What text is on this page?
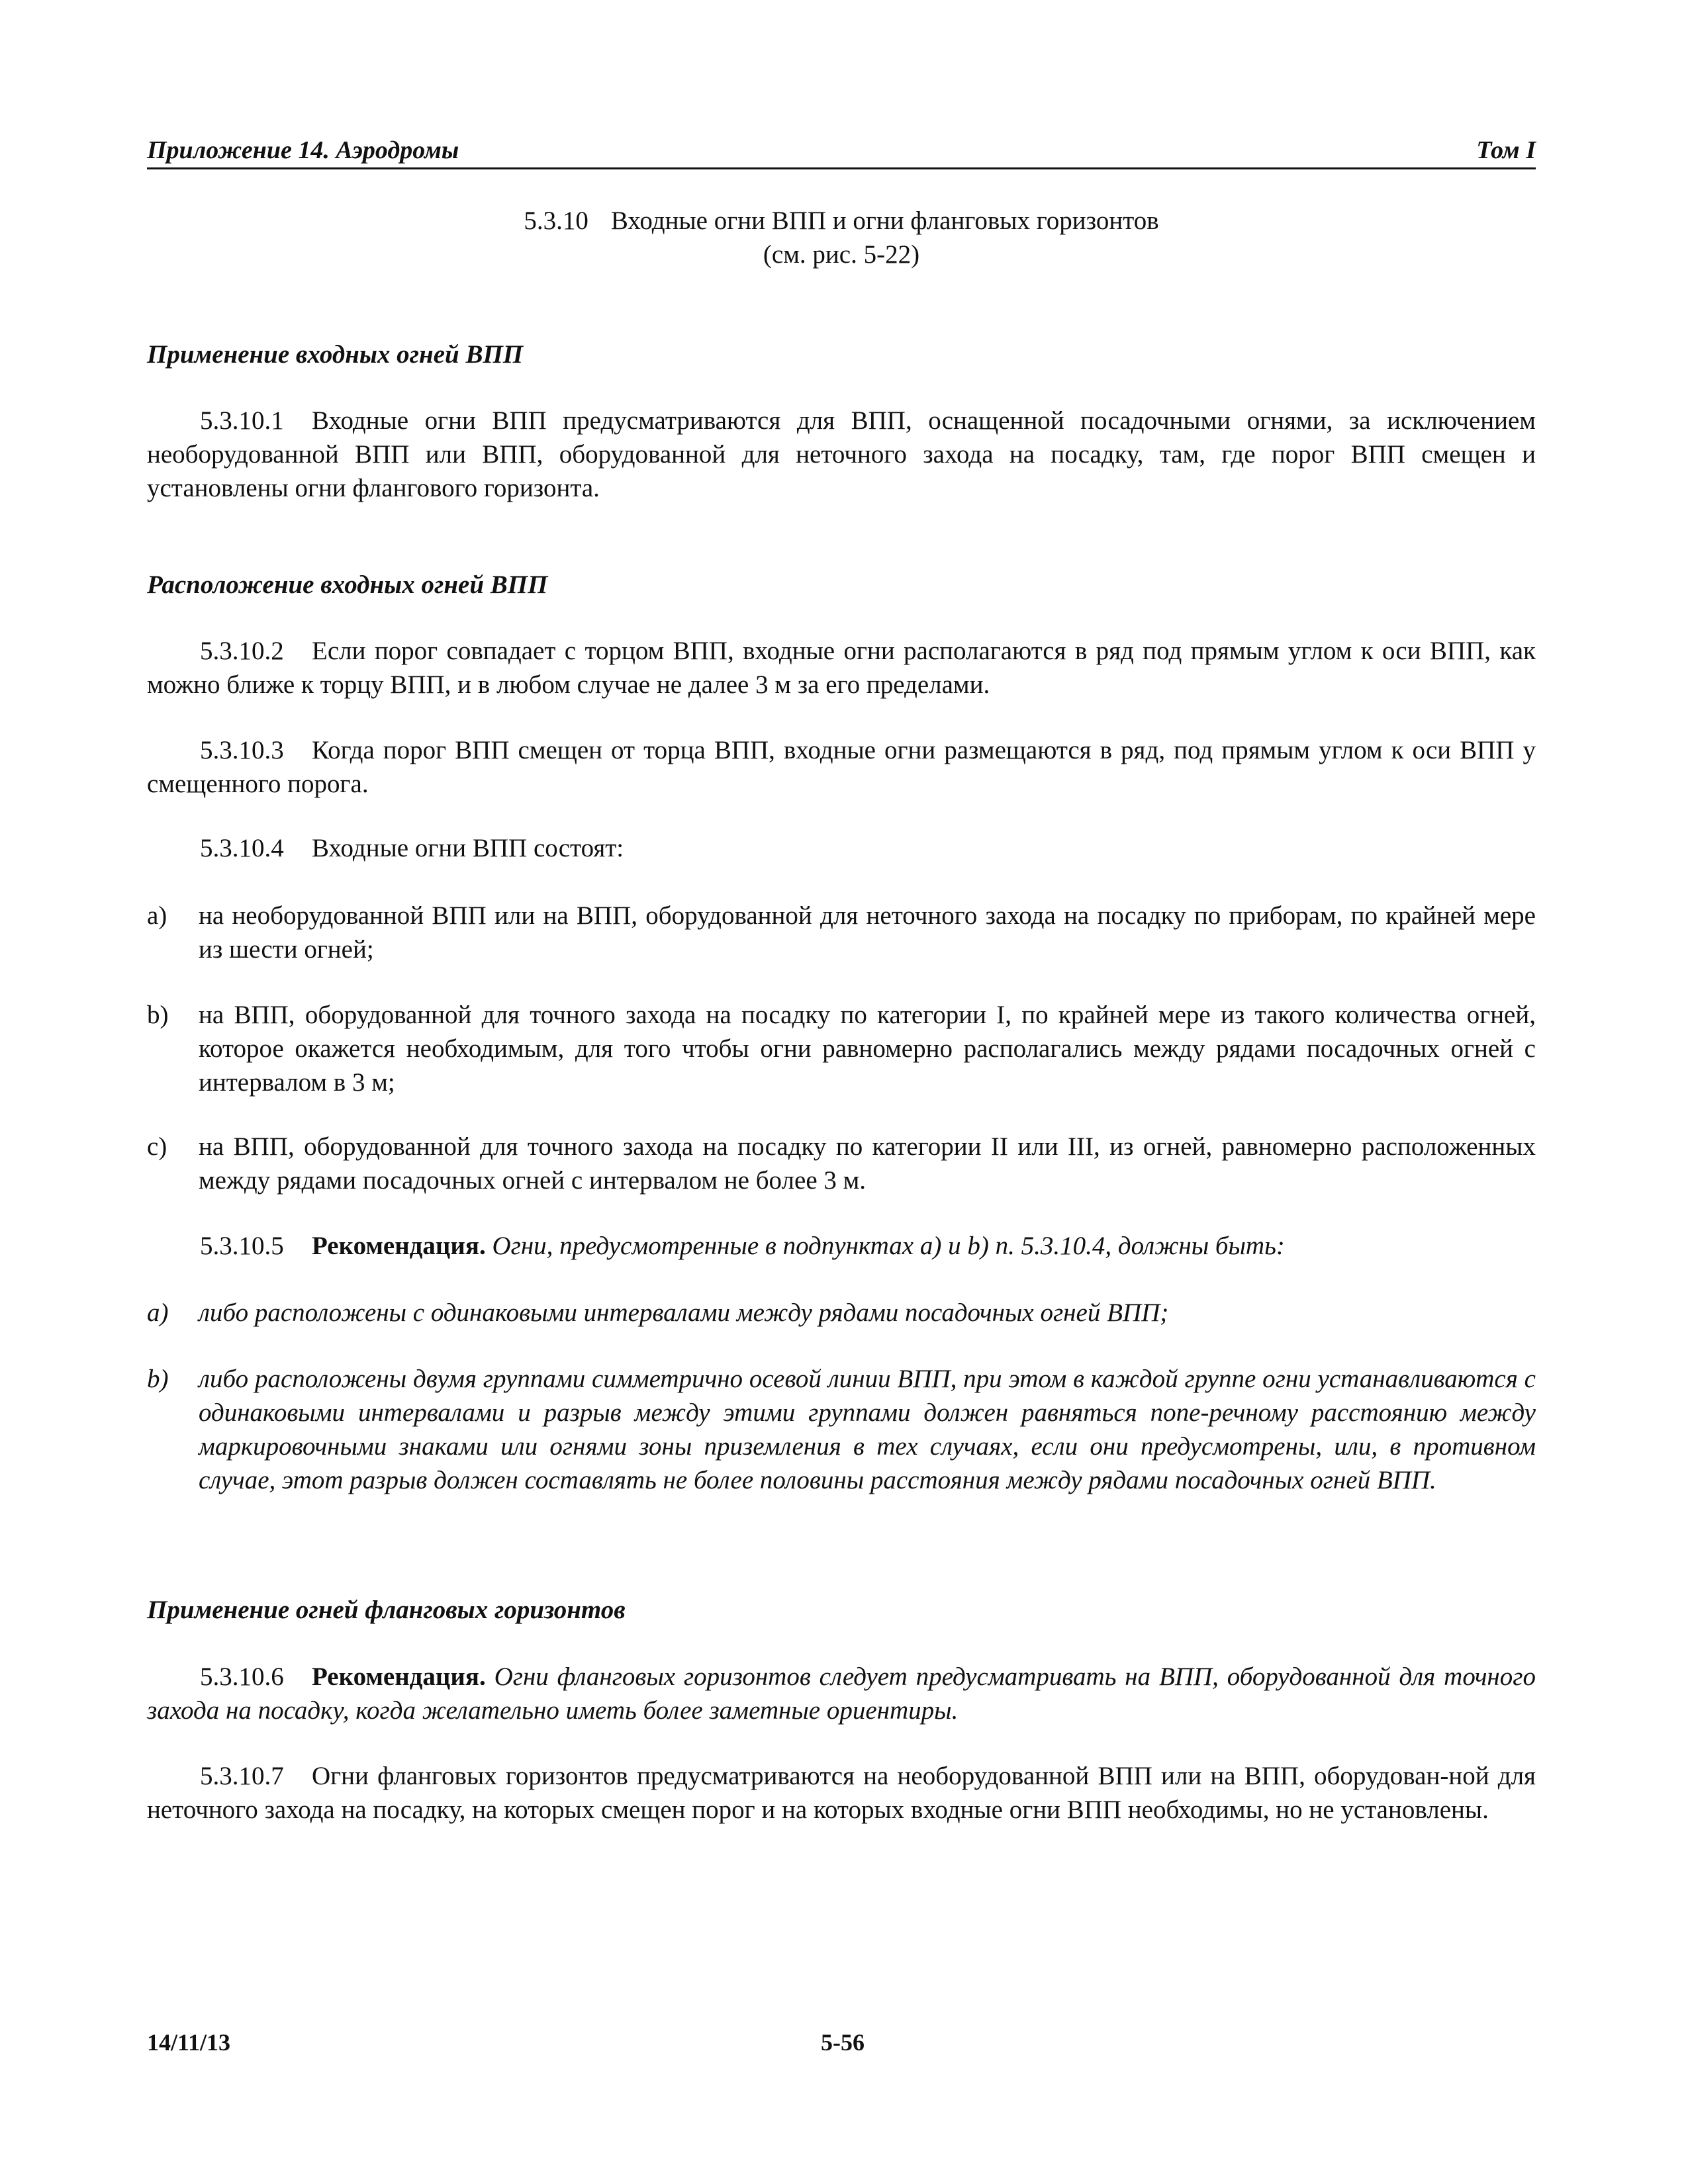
Приложение 14. Аэродромы	Том I
5.3.10 Входные огни ВПП и огни фланговых горизонтов
(см. рис. 5-22)
Применение входных огней ВПП
5.3.10.1 Входные огни ВПП предусматриваются для ВПП, оснащенной посадочными огнями, за исключением необорудованной ВПП или ВПП, оборудованной для неточного захода на посадку, там, где порог ВПП смещен и установлены огни флангового горизонта.
Расположение входных огней ВПП
5.3.10.2 Если порог совпадает с торцом ВПП, входные огни располагаются в ряд под прямым углом к оси ВПП, как можно ближе к торцу ВПП, и в любом случае не далее 3 м за его пределами.
5.3.10.3 Когда порог ВПП смещен от торца ВПП, входные огни размещаются в ряд, под прямым углом к оси ВПП у смещенного порога.
5.3.10.4 Входные огни ВПП состоят:
a) на необорудованной ВПП или на ВПП, оборудованной для неточного захода на посадку по приборам, по крайней мере из шести огней;
b) на ВПП, оборудованной для точного захода на посадку по категории I, по крайней мере из такого количества огней, которое окажется необходимым, для того чтобы огни равномерно располагались между рядами посадочных огней с интервалом в 3 м;
c) на ВПП, оборудованной для точного захода на посадку по категории II или III, из огней, равномерно расположенных между рядами посадочных огней с интервалом не более 3 м.
5.3.10.5 Рекомендация. Огни, предусмотренные в подпунктах a) и b) п. 5.3.10.4, должны быть:
a) либо расположены с одинаковыми интервалами между рядами посадочных огней ВПП;
b) либо расположены двумя группами симметрично осевой линии ВПП, при этом в каждой группе огни устанавливаются с одинаковыми интервалами и разрыв между этими группами должен равняться попе-речному расстоянию между маркировочными знаками или огнями зоны приземления в тех случаях, если они предусмотрены, или, в противном случае, этот разрыв должен составлять не более половины расстояния между рядами посадочных огней ВПП.
Применение огней фланговых горизонтов
5.3.10.6 Рекомендация. Огни фланговых горизонтов следует предусматривать на ВПП, оборудованной для точного захода на посадку, когда желательно иметь более заметные ориентиры.
5.3.10.7 Огни фланговых горизонтов предусматриваются на необорудованной ВПП или на ВПП, оборудован-ной для неточного захода на посадку, на которых смещен порог и на которых входные огни ВПП необходимы, но не установлены.
14/11/13	5-56
